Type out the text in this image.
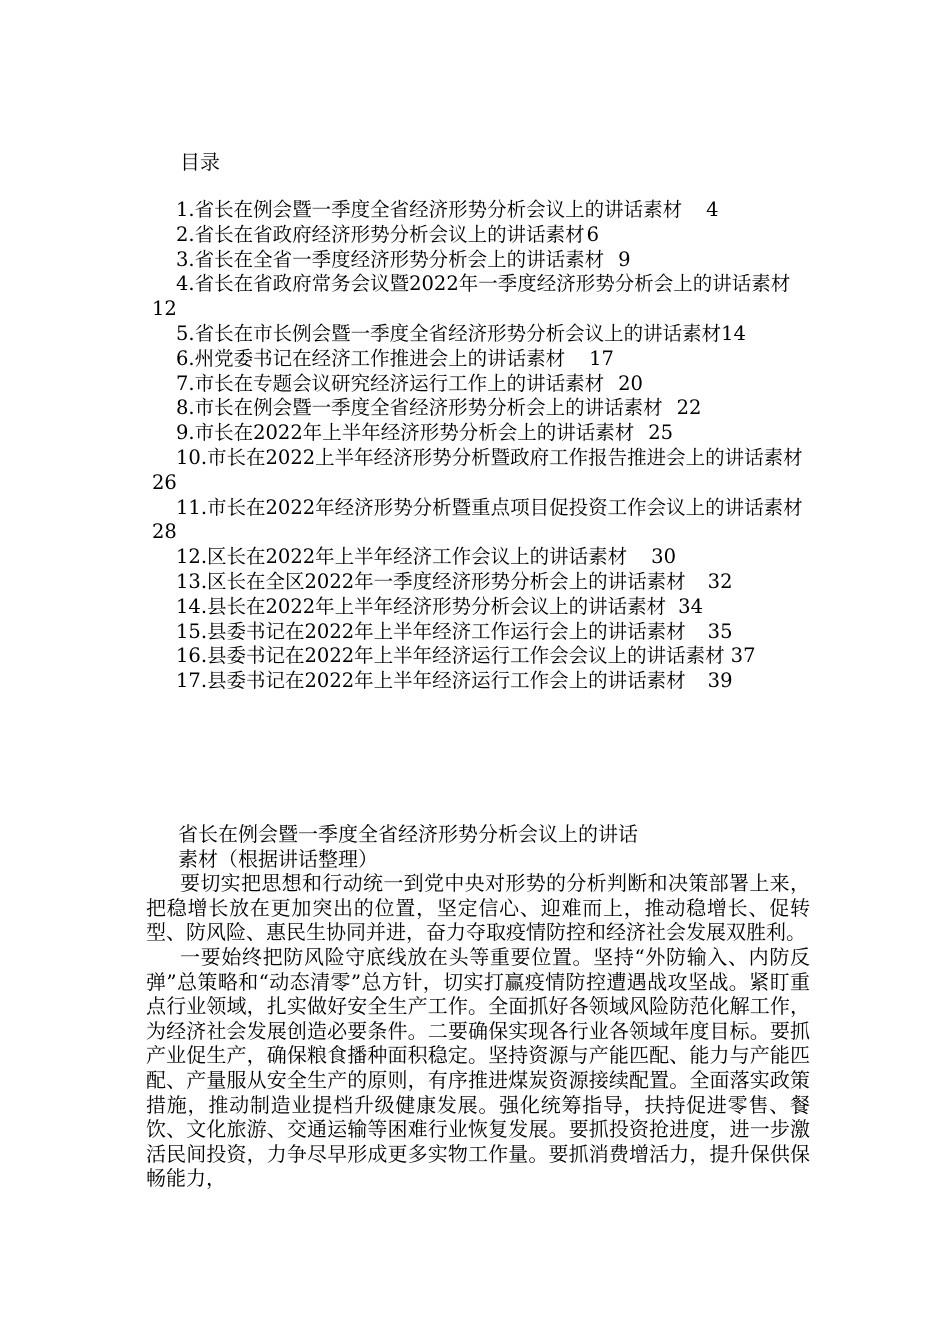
目录
1.省长在例会暨一季度全省经济形势分析会议上的讲话素材 4
2.省长在省政府经济形势分析会议上的讲话素材 6
3.省长在全省一季度经济形势分析会上的讲话素材 9
4.省长在省政府常务会议暨2022年一季度经济形势分析会上的讲话素材12
5.省长在市长例会暨一季度全省经济形势分析会议上的讲话素材14
6.州党委书记在经济工作推进会上的讲话素材 17
7.市长在专题会议研究经济运行工作上的讲话素材 20
8.市长在例会暨一季度全省经济形势分析会上的讲话素材 22
9.市长在2022年上半年经济形势分析会上的讲话素材 25
10.市长在2022上半年经济形势分析暨政府工作报告推进会上的讲话素材26
11.市长在2022年经济形势分析暨重点项目促投资工作会议上的讲话素材28
12.区长在2022年上半年经济工作会议上的讲话素材 30
13.区长在全区2022年一季度经济形势分析会上的讲话素材 32
14.县长在2022年上半年经济形势分析会议上的讲话素材 34
15.县委书记在2022年上半年经济工作运行会上的讲话素材 35
16.县委书记在2022年上半年经济运行工作会会议上的讲话素材 37
17.县委书记在2022年上半年经济运行工作会上的讲话素材 39
省长在例会暨一季度全省经济形势分析会议上的讲话
素材（根据讲话整理）
要切实把思想和行动统一到党中央对形势的分析判断和决策部署上来，把稳增长放在更加突出的位置，坚定信心、迎难而上，推动稳增长、促转型、防风险、惠民生协同并进，奋力夺取疫情防控和经济社会发展双胜利。
一要始终把防风险守底线放在头等重要位置。坚持“外防输入、内防反弹”总策略和“动态清零”总方针，切实打赢疫情防控遭遇战攻坚战。紧盯重点行业领域，扎实做好安全生产工作。全面抓好各领域风险防范化解工作，为经济社会发展创造必要条件。二要确保实现各行业各领域年度目标。要抓产业促生产，确保粮食播种面积稳定。坚持资源与产能匹配、能力与产能匹配、产量服从安全生产的原则，有序推进煤炭资源接续配置。全面落实政策措施，推动制造业提档升级健康发展。强化统筹指导，扶持促进零售、餐饮、文化旅游、交通运输等困难行业恢复发展。要抓投资抢进度，进一步激活民间投资，力争尽早形成更多实物工作量。要抓消费增活力，提升保供保畅能力，
